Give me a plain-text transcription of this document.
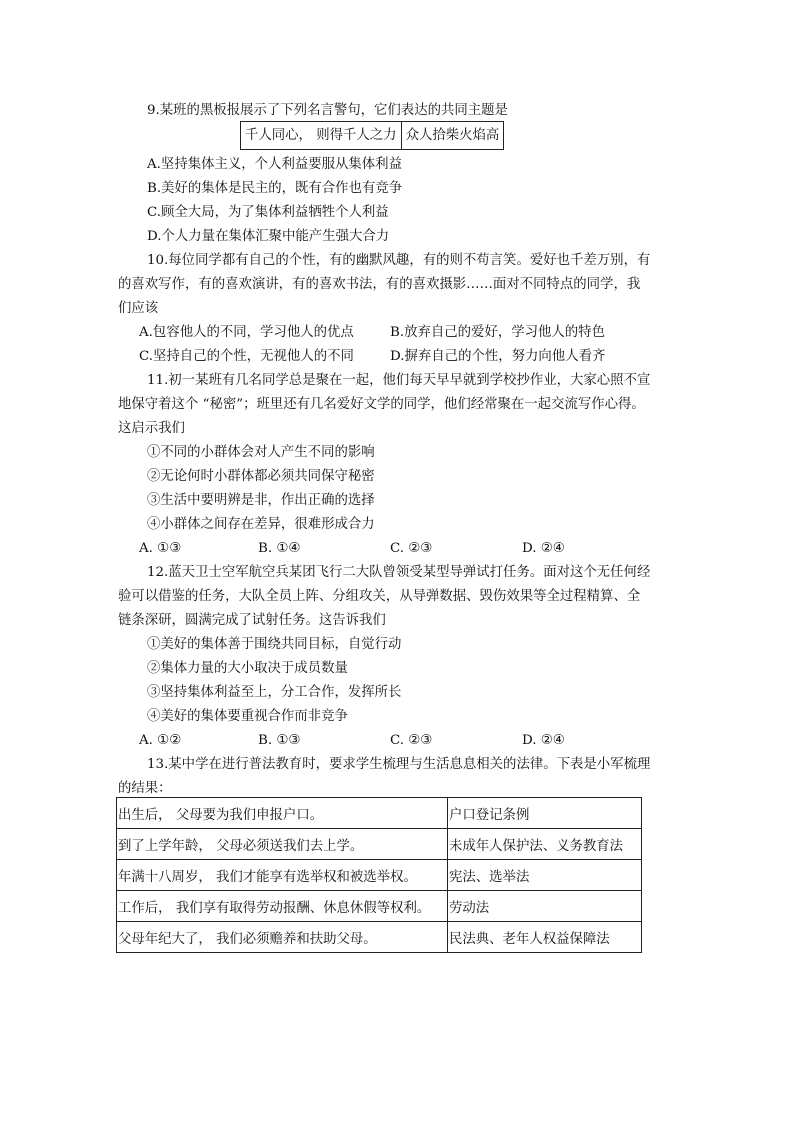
9.某班的黑板报展示了下列名言警句，它们表达的共同主题是
千人同心， 则得千人之力 众人拾柴火焰高
A.坚持集体主义，个人利益要服从集体利益
B.美好的集体是民主的，既有合作也有竞争
C.顾全大局，为了集体利益牺牲个人利益
D.个人力量在集体汇聚中能产生强大合力
10.每位同学都有自己的个性，有的幽默风趣，有的则不苟言笑。爱好也千差万别，有
的喜欢写作，有的喜欢演讲，有的喜欢书法，有的喜欢摄影……面对不同特点的同学，我
们应该
A.包容他人的不同，学习他人的优点	B.放弃自己的爱好，学习他人的特色
C.坚持自己的个性，无视他人的不同	D.摒弃自己的个性，努力向他人看齐
11.初一某班有几名同学总是聚在一起，他们每天早早就到学校抄作业，大家心照不宣
地保守着这个 “秘密”；班里还有几名爱好文学的同学，他们经常聚在一起交流写作心得。
这启示我们
①不同的小群体会对人产生不同的影响
②无论何时小群体都必须共同保守秘密
③生活中要明辨是非，作出正确的选择
④小群体之间存在差异，很难形成合力
A. ①③	B. ①④	C. ②③	D. ②④
12.蓝天卫士空军航空兵某团飞行二大队曾领受某型导弹试打任务。面对这个无任何经
验可以借鉴的任务，大队全员上阵、分组攻关，从导弹数据、毁伤效果等全过程精算、全
链条深研，圆满完成了试射任务。这告诉我们
①美好的集体善于围绕共同目标，自觉行动
②集体力量的大小取决于成员数量
③坚持集体利益至上，分工合作，发挥所长
④美好的集体要重视合作而非竞争
A. ①②	B. ①③	C. ②③	D. ②④
13.某中学在进行普法教育时，要求学生梳理与生活息息相关的法律。下表是小军梳理
的结果：
出生后， 父母要为我们申报户口。	户口登记条例
到了上学年龄， 父母必须送我们去上学。	未成年人保护法、义务教育法
年满十八周岁， 我们才能享有选举权和被选举权。	宪法、选举法
工作后， 我们享有取得劳动报酬、休息休假等权利。	劳动法
父母年纪大了， 我们必须赡养和扶助父母。	民法典、老年人权益保障法
